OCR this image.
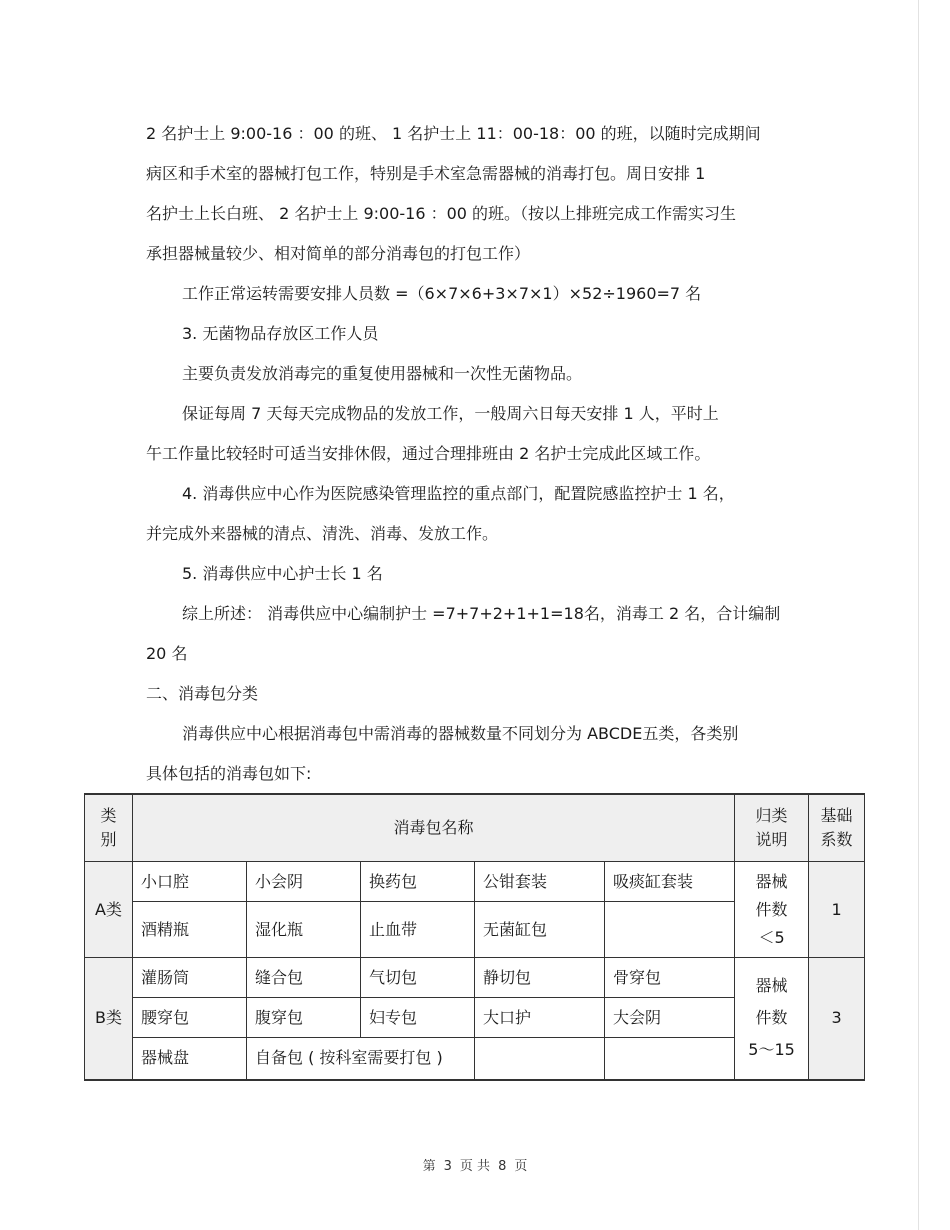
2 名护士上 9:00-16 ：00 的班、 1 名护士上 11：00-18：00 的班，以随时完成期间

病区和手术室的器械打包工作，特别是手术室急需器械的消毒打包。周日安排 1

名护士上长白班、 2 名护士上 9:00-16 ：00 的班。（按以上排班完成工作需实习生

承担器械量较少、相对简单的部分消毒包的打包工作）

工作正常运转需要安排人员数 =（6×7×6+3×7×1）×52÷1960=7 名

3. 无菌物品存放区工作人员

主要负责发放消毒完的重复使用器械和一次性无菌物品。

保证每周 7 天每天完成物品的发放工作，一般周六日每天安排 1 人，平时上

午工作量比较轻时可适当安排休假，通过合理排班由 2 名护士完成此区域工作。

4. 消毒供应中心作为医院感染管理监控的重点部门，配置院感监控护士 1 名，

并完成外来器械的清点、清洗、消毒、发放工作。

5. 消毒供应中心护士长 1 名

综上所述： 消毒供应中心编制护士 =7+7+2+1+1=18名，消毒工 2 名，合计编制

20 名

二、消毒包分类

消毒供应中心根据消毒包中需消毒的器械数量不同划分为 ABCDE五类，各类别

具体包括的消毒包如下:

类
别	消毒包名称					归类
说明	基础
系数
A类	小口腔	小会阴	换药包	公钳套装	吸痰缸套装	器械
件数
＜5	1
	酒精瓶	湿化瓶	止血带	无菌缸包			
B类	灌肠筒	缝合包	气切包	静切包	骨穿包	器械
件数
5～15	3
	腰穿包	腹穿包	妇专包	大口护	大会阴		
	器械盘	自备包 ( 按科室需要打包 )					
第 3 页 共 8 页
